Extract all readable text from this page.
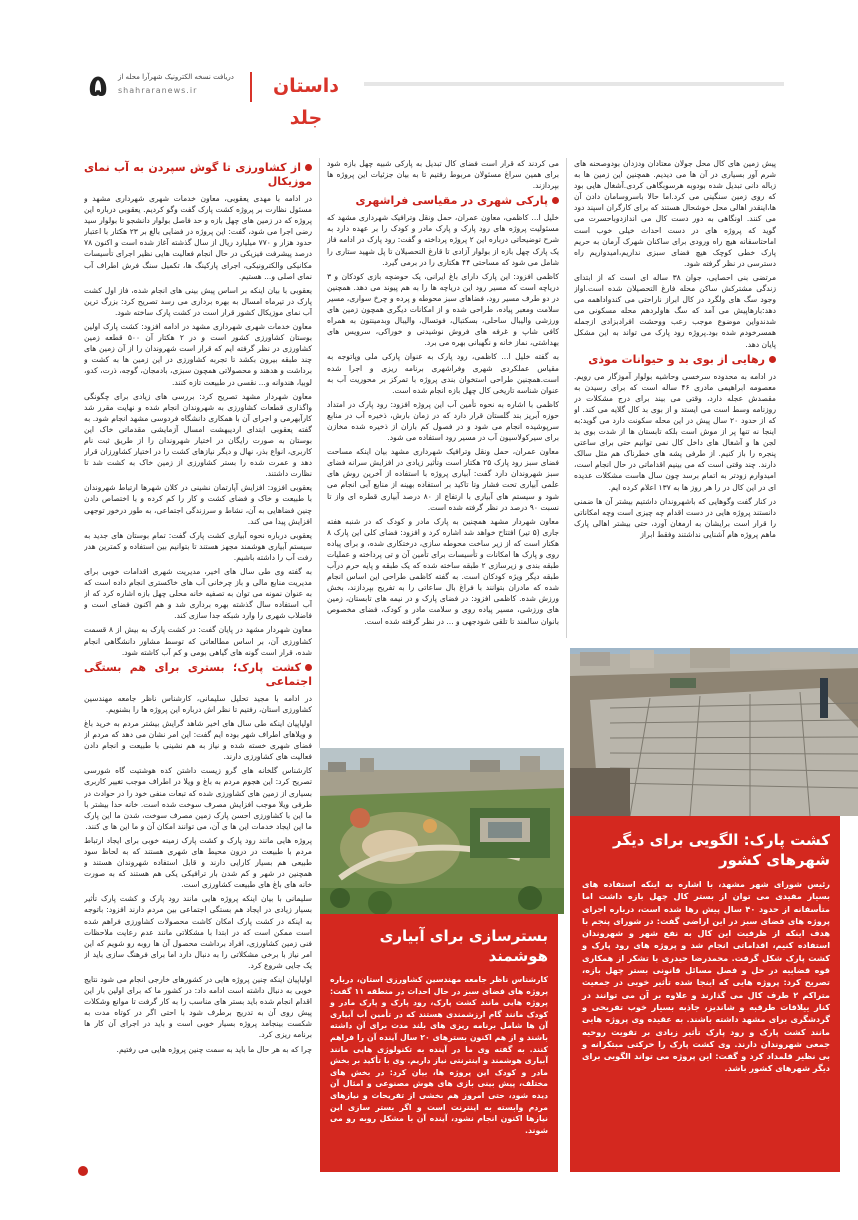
۵	دریافت نسخه الکترونیک شهرآرا محله از
shahraranews.ir	داستان جلد

پیش زمین های کال محل جولان معتادان ودزدان بودوصحنه های شرم آور بسیاری در آن ها می دیدیم. همچنین این زمین ها به زباله دانی تبدیل شده بودوبه هرسوبگاهی کردی.آشغال هایی بود که روی زمین سنگینی می کرد.اما حالا باسروسامان دادن آن ها،اینقدر اهالی محل خوشحال هستند که برای کارگران اسپند دود می کنند. اونگاهی به دور دست کال می اندازدوباحسرت می گوید که پروژه های در دست احداث خیلی خوب است اماحتاسفانه هیچ راه ورودی برای ساکنان شهرک آرمان به حریم پارک خطی کوچک هیچ فضای سبزی نداریم،امیدواریم راه دسترسی در نظر گرفته شود.

مرتضی بنی احصایی، جوان ۳۸ ساله ای است که از ابتدای زندگی مشترکش ساکن محله فارغ التحصیلان شده است.اواز وجود سگ های ولگرد در کال ابراز ناراحتی می کندواداهمه می دهد:بارهاپیش می آمد که سگ هاولردهم محله مسکونی می شدندواین موضوع موجب رعب ووحشت افرادبزادی ازجمله همسرخودم شده بود.پروژه رود پارک می تواند به این مشکل پایان دهد.

رهایی از بوی بد و حیوانات موذی

در ادامه به محدوده سرخسی وحاشیه بولوار آموزگار می رویم. معصومه ابراهیمی مادری ۴۶ ساله است که برای رسیدن به مقصدش عجله دارد، وقتی می بیند برای درج مشکلات در روزنامه وسط است می ایستد و از بوی بد کال گلایه می کند. او که از حدود ۲۰ سال پیش در این محله سکونت دارد می گوید:به اینجا نه تنها پر از موش است بلکه تابستان ها از شدت بوی بد لجن ها و آشغال های داخل کال نمی توانیم حتی برای ساعتی پنجره را باز کنیم. از طرفی پشه های خطرناک هم مثل سالک دارند. چند وقتی است که می بینیم اقداماتی در حال انجام است، امیدوارم زودتر به اتمام برسد چون سال هاست مشکلات عدیده ای در این کال در را هر روز ها به ۱۳۷ اعلام کرده ایم.

در کنار گفت وگوهایی که باشهروندان داشتیم بیشتر آن ها ضمنی دانستند پروژه هایی در دست اقدام چه چیزی است وچه امکاناتی را قرار است برایشان به ارمغان آورد، حتی بیشتر اهالی پارک ماهم پروژه هام آشنایی نداشتند وفقط ابراز

کشت پارک: الگویی برای دیگر شهرهای کشور

رئیس شورای شهر مشهد، با اشاره به اینکه استفاده های بسیار مفیدی می توان از بستر کال چهل بازه داشت اما متأسفانه از حدود ۴۰ سال پیش رها شده است، درباره اجرای پروژه های فضای سبز در این اراضی گفت: در شورای پنجم با هدف اینکه از ظرفیت این کال به نفع شهر و شهروندان استفاده کنیم، اقداماتی انجام شد و پروژه های رود پارک و کشت پارک شکل گرفت. محمدرضا حیدری با تشکر از همکاری قوه قضاییه در حل و فصل مسائل قانونی بستر چهل بازه، تصریح کرد: پروژه هایی که اینجا شده تأثیر خوبی در جمعیت متراکم ۲ طرف کال می گذارند و علاوه بر آن می توانند در کنار ییلاقات طرقبه و شاندیز، جاذبه بسیار خوب تفریحی و گردشگری برای مشهد داشته باشند. به عقیده وی پروژه هایی مانند کشت پارک و رود پارک تأثیر زیادی بر تقویت روحیه جمعی شهروندان دارند. وی کشت پارک را حرکتی مبتکرانه و بی نظیر قلمداد کرد و گفت: این پروژه می تواند الگویی برای دیگر شهرهای کشور باشد.

می کردند که قرار است فضای کال تبدیل به پارکی شبیه چهل بازه شود برای همین سراغ مسئولان مربوط رفتیم تا به بیان جزئیات این پروژه ها بپردازند.

پارکی شهری در مقیاسی فراشهری

خلیل ا... کاظمی، معاون عمران، حمل ونقل وترافیک شهرداری مشهد که مسئولیت پروژه های رود پارک و پارک مادر و کودک را بر عهده دارد به شرح توضیحاتی درباره این ۲ پروژه پرداخته و گفت: رود پارک در ادامه فاز یک پارک چهل بازه از بولوار آزادی تا قارغ التحصیلان تا پل شهید ستاری را شامل می شود که مساحتی ۴۴ هکتاری را در برمی گیرد.

کاظمی افزود: این پارک دارای باغ ایرانی، یک حوضچه بازی کودکان و ۳ دریاچه است که مسیر رود این دریاچه ها را به هم پیوند می دهد. همچنین در دو طرف مسیر رود، فضاهای سبز محوطه و پرده و چرخ سواری، مسیر سلامت ومعبر پیاده، طراحی شده و از امکانات دیگری همچون زمین های ورزشی والیبال ساحلی، بسکتبال، فوتسال، والیبال وبدمینتون به همراه کافی شاپ و غرفه های فروش نوشیدنی و خوراکی، سرویس های بهداشتی، نماز خانه و نگهبانی بهره می برد.

به گفته خلیل ا... کاظمی، رود پارک به عنوان پارکی ملی وپاتوجه به مقیاس عملکردی شهری وفراشهری برنامه ریزی و اجرا شده است.همچنین طراحی استخوان بندی پروژه با تمرکز بر محوریت آب به عنوان شناسه تاریخی کال چهل بازه انجام شده است.

کاظمی با اشاره به نحوه تأمین آب این پروژه افزود: رود پارک در امتداد حوزه آبریز بند گلستان قرار دارد که در زمان بارش، ذخیره آب در منابع سرپوشیده انجام می شود و در فصول کم باران از ذخیره شده مخازن برای سیرکولاسیون آب در مسیر رود استفاده می شود.

معاون عمران، حمل ونقل وترافیک شهرداری مشهد بیان اینکه مساحت فضای سبز رود پارک ۲۵ هکتار است وتأثیر زیادی در افزایش سرانه فضای سبز شهروندان دارد گفت: آبیاری پروژه با استفاده از آخرین روش های علمی آبیاری تحت فشار وتا تاکید بر استفاده بهینه از منابع آبی انجام می شود و سیستم های آبیاری با ارتفاع از ۸۰ درصد آبیاری قطره ای واز تا نسبت ۹۰ درصد در نظر گرفته شده است.

معاون شهردار مشهد همچنین به پارک مادر و کودک که در شنبه هفته جاری (۵ تیر) افتتاح خواهد شد اشاره کرد و افزود: فضای کلی این پارک ۸ هکتار است که از زیر ساخت محوطه سازی، درختکاری شده، و برای پیاده روی و پارک ها امکانات و تأسیسات برای تأمین آن و تی پرداخته و عملیات طبقه بندی و زیرسازی ۲ طبقه ساخته شده که یک طبقه و پایه حرم درآب طبقه دیگر ویژه کودکان است. به گفته کاظمی طراحی این اساس انجام شده که مادران بتوانند با فراغ بال ساعاتی را به تفریح بپردازند، بخش ورزش شده. کاظمی افزود: در فضای پارک و در نیمه های تابستان، زمین های ورزشی، مسیر پیاده روی و سلامت مادر و کودک، فضای مخصوص بانوان سالمند تا تلقی شودجهی و ... در نظر گرفته شده است.

بسترسازی برای آبیاری هوشمند

کارشناس ناظر جامعه مهندسین کشاورزی استان، درباره پروژه های فضای سبز در حال احداث در منطقه ۱۱ گفت: پروژه هایی مانند کشت پارک، رود پارک و پارک مادر و کودک مانند گام ارزشمندی هستند که در تأمین آب آبیاری آن ها شامل برنامه ریزی های بلند مدت برای آن داشته باشند و از هم اکنون بسترهای ۲۰ سال آینده آن را فراهم کنند. به گفته وی ما در آینده به تکنولوژی هایی مانند آبیاری هوشمند و اینترنتی نیاز داریم. وی با تأکید بر بخش مادر و کودک این پروژه ها، بیان کرد: در بخش های مختلف، پیش بینی بازی های هوش مصنوعی و امثال آن دیده شود، حتی امروز هم بخشی از تفریحات و نیازهای مردم وابسته به اینترنت است و اگر بستر سازی این نیازها اکنون انجام نشود، آینده آن با مشکل روبه رو می شوند.

از کشاورزی تا گوش سپردن به آب نمای موزیکال

در ادامه با مهدی یعقوبی، معاون خدمات شهری شهرداری مشهد و مسئول نظارت بر پروژه کشت پارک گفت وگو کردیم. یعقوبی درباره این پروژه که در زمین های چهل بازه و حد فاصل بولوار دانشجو تا بولوار سید رضی اجرا می شود، گفت: این پروژه در فضایی بالغ بر ۲۳ هکتار با اعتبار حدود هزار و ۷۷۰ میلیارد ریال از سال گذشته آغاز شده است و اکنون ۷۸ درصد پیشرفت فیزیکی در حال انجام فعالیت هایی نظیر اجرای تأسیسات مکانیکی والکترونیکی، اجرای پارکینگ ها، تکمیل سنگ فرش اطراف آب نمای اصلی و... هستیم.

یعقوبی با بیان اینکه بر اساس پیش بینی های انجام شده، فاز اول کشت پارک در تیرماه امسال به بهره برداری می رسد تصریح کرد: بزرگ ترین آب نمای موزیکال کشور قرار است در کشت پارک ساخته شود.

معاون خدمات شهری شهرداری مشهد در ادامه افزود: کشت پارک اولین بوستان کشاورزی کشور است و در ۲ هکتار آن ۵۰۰ قطعه زمین کشاورزی در نظر گرفته ایم که قرار است شهروندان را از آن زمین های چند طبقه بیرون بکشد تا تجربه کشاورزی در این زمین ها به کشت و برداشت و هدهند و محصولاتی همچون سبزی، بادمجان، گوجه، ذرت، کدو، لوبیا، هندوانه و... نقسی در طبیعت تازه کنند.

معاون شهردار مشهد تصریح کرد: بررسی های زیادی برای چگونگی واگذاری قطعات کشاورزی به شهروندان انجام شده و نهایت مقرر شد کارآبهرمی و اجرای آن با همکاری دانشگاه فردوسی مشهد انجام شود. به گفته یعقوبی ابتدای اردیبهشت امسال آزمایشی مقدماتی خاک این بوستان به صورت رایگان در اختیار شهروندان را از طریق ثبت نام کاربری، انواع بذر، نهال و دیگر نیازهای کشت را در اختیار کشاورزان قرار دهد و عمرت شده را بستر کشاورزی از زمین خاک به کشت شد تا نظارت داشتند.

یعقوبی افزود: افزایش آپارتمان نشینی در کلان شهرها ارتباط شهروندان با طبیعت و خاک و فضای کشت و کار را کم کرده و با اختصاص دادن چنین فضاهایی به آن، نشاط و سرزندگی اجتماعی، به طور درخور توجهی افزایش پیدا می کند.

یعقوبی درباره نحوه آبیاری کشت پارک گفت: تمام بوستان های جدید به سیستم آبیاری هوشمند مجهز هستند تا بتوانیم بین استفاده و کمترین هدر رفت آب را داشته باشیم.

به گفته وی طی سال های اخیر، مدیریت شهری اقدامات خوبی برای مدیریت منابع مالی و باز چرخانی آب های خاکستری انجام داده است که به عنوان نمونه می توان به تصفیه خانه محلی چهل بازه اشاره کرد که از آب استفاده سال گذشته بهره برداری شد و هم اکنون فضای است و فاضلاب شهری را وارد شبکه جدا سازی کند.

معاون شهردار مشهد در پایان گفت: در کشت پارک به بیش از ۸ قسمت کشاورزی آن، بر اساس مطالعاتی که توسط مشاور دانشگاهی انجام شده، قرار است گونه های گیاهی بومی و کم آب کاشته شود.

کشت پارک؛ بستری برای هم بستگی اجتماعی

در ادامه با مجید تحلیل سلیمانی، کارشناس ناظر جامعه مهندسین کشاورزی استان، رفتیم تا نظر اش درباره این پروژه ها را بشنویم.

اولیاپیان اینکه طی سال های اخیر شاهد گرایش بیشتر مردم به خرید باغ و ویلاهای اطراف شهر بوده ایم گفت: این امر نشان می دهد که مردم از فضای شهری خسته شده و نیاز به هم نشینی با طبیعت و انجام دادن فعالیت های کشاورزی دارند.

کارشناس گلخانه های گرو زیست داشتن کده هوشتیت گاه شورسی تصریح کرد: این هجوم مردم به باغ و ویلا در اطراف موجب تغییر کاربری بسیاری از زمین های کشاورزی شده که تبعات منفی خود را در حوادث در طرفی ویلا موجب افزایش مصرف سوخت شده است. خانه حدا بیشتر با ما این با کشاورزی احسن پارک زمین مصرف سوخت، شدن ما این پارک ما این ایجاد خدمات این ها ی آن، می توانند امکان آن و ما این ها ی کنند.

پروژه هایی مانند رود پارک و کشت پارک زمینه خوبی برای ایجاد ارتباط مردم با طبیعت در درون محیط های شهری هستند که به لحاظ سود طبیعی هم بسیار کارایی دارند و قابل استفاده شهروندان هستند و همچنین در شهر و کم شدن بار ترافیکی یکی هم هستند که به صورت خانه های باغ های طبیعت کشاورزی است.

سلیمانی با بیان اینکه پروژه هایی مانند رود پارک و کشت پارک تأثیر بسیار زیادی در ایجاد هم بستگی اجتماعی بین مردم دارند افزود: باتوجه به اینکه در کشت پارک امکان کاشت محصولات کشاورزی فراهم شده است ممکن است که در ابتدا با مشکلاتی مانند عدم رعایت ملاحظات فنی زمین کشاورزی، افراد برداشت محصول آن ها روبه رو شویم که این امر نیاز با برخی مشکلاتی را به دنبال دارد اما برای فرهنگ سازی باید از یک جایی شروع کرد.

اولیاپیان اینکه چنین پروژه هایی در کشورهای خارجی انجام می شود نتایج خوبی به دنبال داشته است ادامه داد: در کشور ما که برای اولین بار این اقدام انجام شده باید بستر های مناسب را به کار گرفت تا موانع وشکلات پیش روی آن به تدریج برطرف شود با احتی اگر در کوتاه مدت به شکست بینجامد پروژه بسیار خوبی است و باید در اجرای آن کار ها برنامه ریزی کرد.

چرا که به هر حال ما باید به سمت چنین پروژه هایی می رفتیم.
